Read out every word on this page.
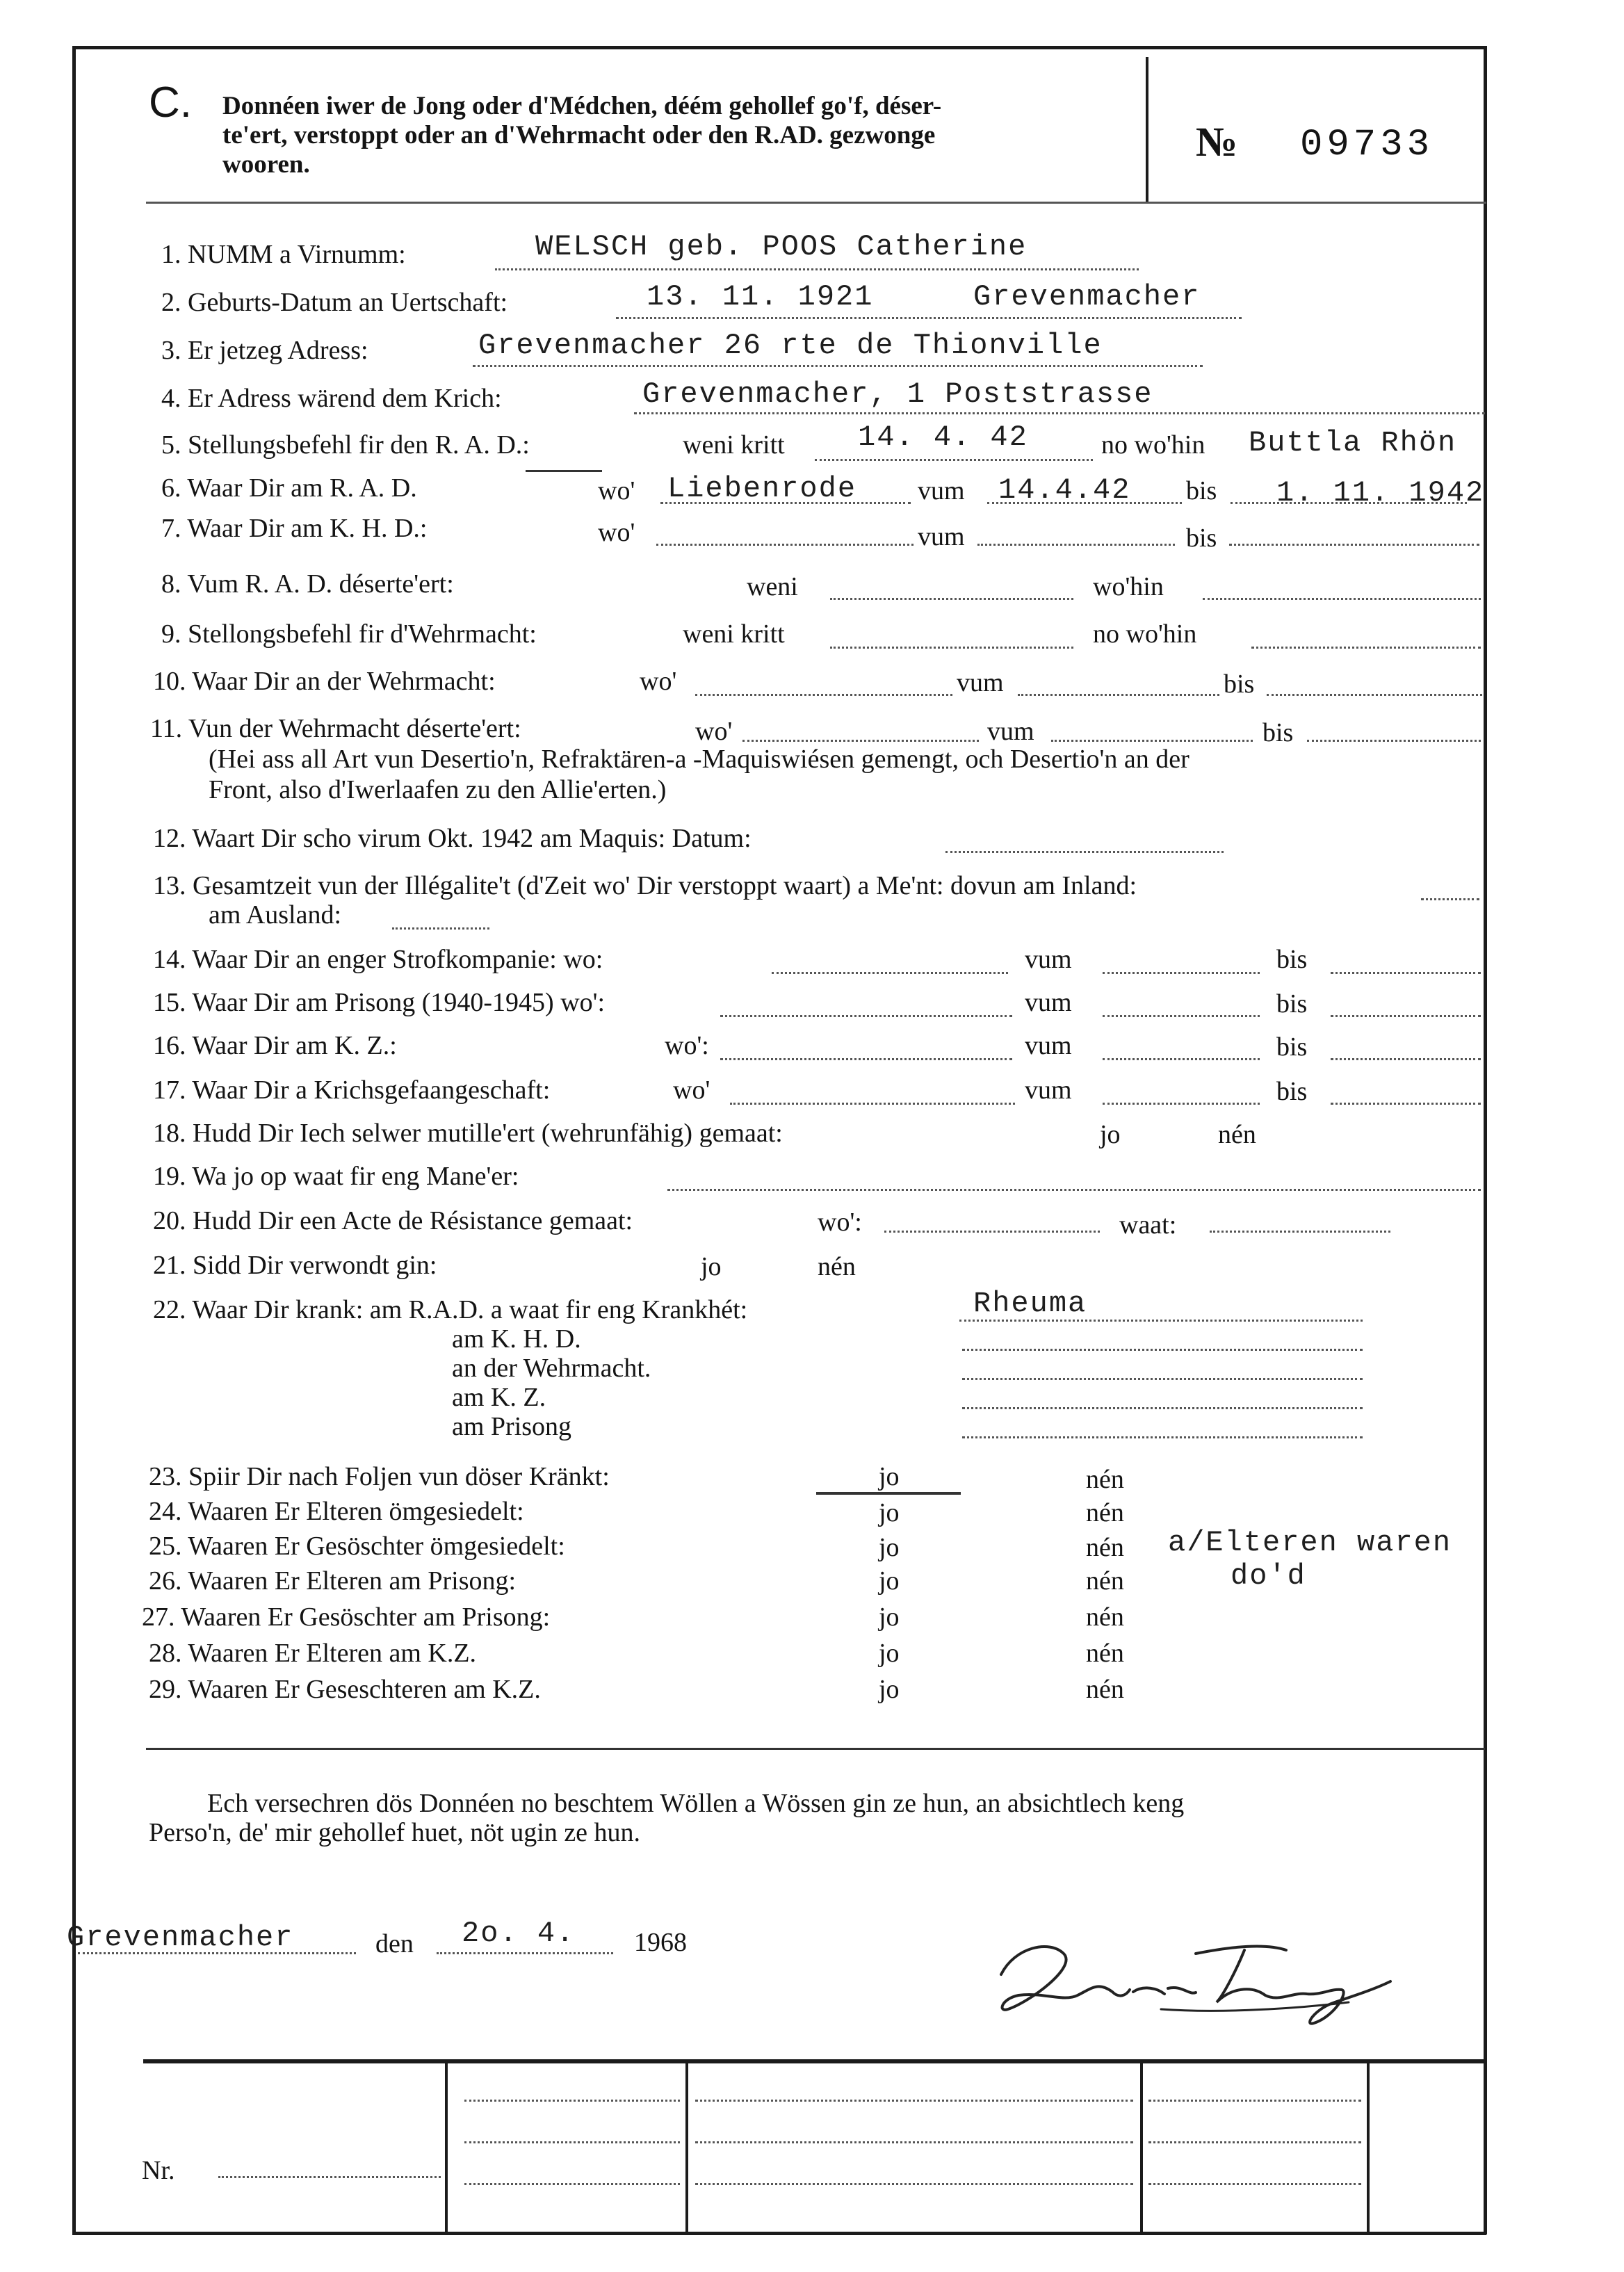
C. Donnéen iwer de Jong oder d'Médchen, déém gehollef go'f, déser-
te'ert, verstoppt oder an d'Wehrmacht oder den R.AD. gezwonge
wooren.	№ 09733
1. NUMM a Virnumm:	WELSCH geb. POOS Catherine
2. Geburts-Datum an Uertschaft:	13. 11. 1921	Grevenmacher
3. Er jetzeg Adress:	Grevenmacher 26 rte de Thionville
4. Er Adress wärend dem Krich:	Grevenmacher, 1 Poststrasse
5. Stellungsbefehl fir den R. A. D.:	weni kritt	14. 4. 42	no wo'hin Buttla Rhön
6. Waar Dir am R. A. D.	wo' Liebenrode vum 14.4.42 bis 1. 11. 1942
7. Waar Dir am K. H. D.:	wo'	vum	bis
8. Vum R. A. D. déserte'ert:	weni	wo'hin
9. Stellongsbefehl fir d'Wehrmacht:	weni kritt	no wo'hin
10. Waar Dir an der Wehrmacht:	wo'	vum	bis
11. Vun der Wehrmacht déserte'ert:	wo'	vum	bis
(Hei ass all Art vun Desertio'n, Refraktären-a -Maquiswiésen gemengt, och Desertio'n an der
Front, also d'Iwerlaafen zu den Allie'erten.)
12. Waart Dir scho virum Okt. 1942 am Maquis: Datum:
13. Gesamtzeit vun der Illégalite't (d'Zeit wo' Dir verstoppt waart) a Me'nt: dovun am Inland:
am Ausland:
14. Waar Dir an enger Strofkompanie: wo:	vum	bis
15. Waar Dir am Prisong (1940-1945) wo':	vum	bis
16. Waar Dir am K. Z.:	wo':	vum	bis
17. Waar Dir a Krichsgefaangeschaft:	wo'	vum	bis
18. Hudd Dir Iech selwer mutille'ert (wehrunfähig) gemaat:	jo	nén
19. Wa jo op waat fir eng Mane'er:
20. Hudd Dir een Acte de Résistance gemaat:	wo':	waat:
21. Sidd Dir verwondt gin:	jo	nén
22. Waar Dir krank: am R.A.D. a waat fir eng Krankhét:	Rheuma
am K. H. D.
an der Wehrmacht.
am K. Z.
am Prisong
23. Spiir Dir nach Foljen vun döser Kränkt:	jo	nén
24. Waaren Er Elteren ömgesiedelt:	jo	nén
25. Waaren Er Gesöschter ömgesiedelt:	jo	nén
26. Waaren Er Elteren am Prisong:	jo	nén
27. Waaren Er Gesöschter am Prisong:	jo	nén
28. Waaren Er Elteren am K.Z.	jo	nén
29. Waaren Er Geseschteren am K.Z.	jo	nén
a/Elteren waren
do'd
Ech versechren dös Donnéen no beschtem Wöllen a Wössen gin ze hun, an absichtlech keng
Perso'n, de' mir gehollef huet, nöt ugin ze hun.
Grevenmacher	den 2o. 4. 1968
Nr.
